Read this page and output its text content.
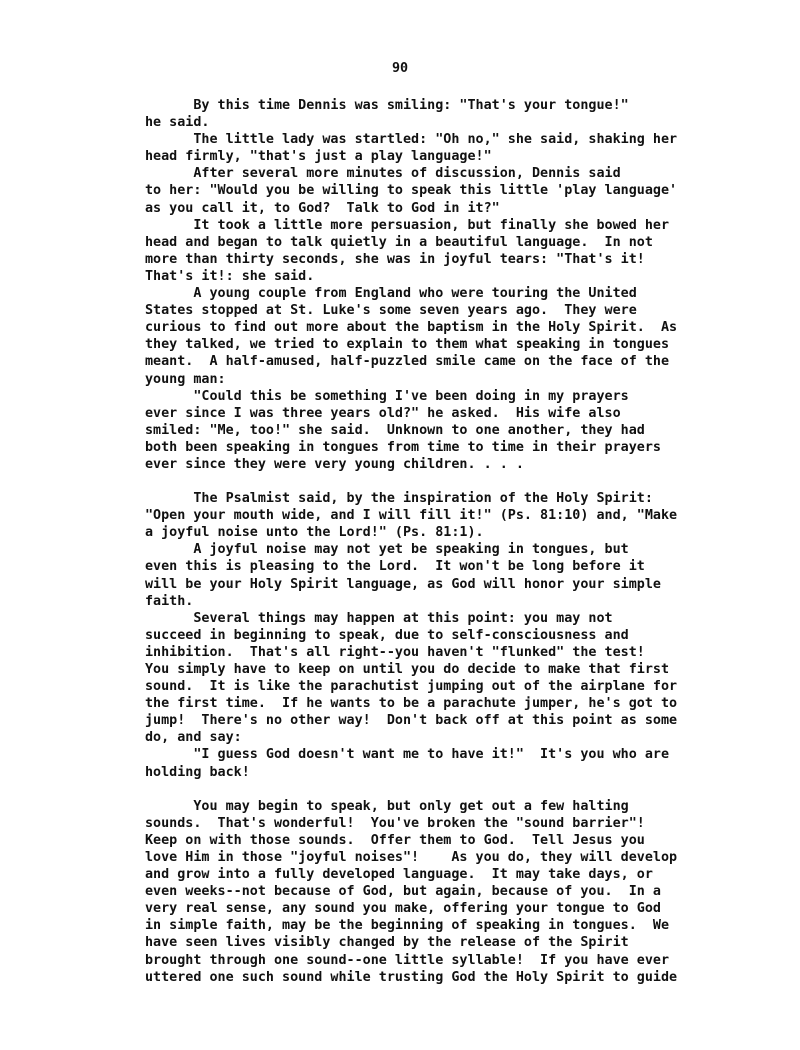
90
By this time Dennis was smiling: "That's your tongue!"
he said.
The little lady was startled: "Oh no," she said, shaking her
head firmly, "that's just a play language!"
After several more minutes of discussion, Dennis said
to her: "Would you be willing to speak this little 'play language'
as you call it, to God?  Talk to God in it?"
It took a little more persuasion, but finally she bowed her
head and began to talk quietly in a beautiful language.  In not
more than thirty seconds, she was in joyful tears: "That's it!
That's it!: she said.
A young couple from England who were touring the United
States stopped at St. Luke's some seven years ago.  They were
curious to find out more about the baptism in the Holy Spirit.  As
they talked, we tried to explain to them what speaking in tongues
meant.  A half-amused, half-puzzled smile came on the face of the
young man:
"Could this be something I've been doing in my prayers
ever since I was three years old?" he asked.  His wife also
smiled: "Me, too!" she said.  Unknown to one another, they had
both been speaking in tongues from time to time in their prayers
ever since they were very young children. . . .
The Psalmist said, by the inspiration of the Holy Spirit:
"Open your mouth wide, and I will fill it!" (Ps. 81:10) and, "Make
a joyful noise unto the Lord!" (Ps. 81:1).
A joyful noise may not yet be speaking in tongues, but
even this is pleasing to the Lord.  It won't be long before it
will be your Holy Spirit language, as God will honor your simple
faith.
Several things may happen at this point: you may not
succeed in beginning to speak, due to self-consciousness and
inhibition.  That's all right--you haven't "flunked" the test!
You simply have to keep on until you do decide to make that first
sound.  It is like the parachutist jumping out of the airplane for
the first time.  If he wants to be a parachute jumper, he's got to
jump!  There's no other way!  Don't back off at this point as some
do, and say:
"I guess God doesn't want me to have it!"  It's you who are
holding back!
You may begin to speak, but only get out a few halting
sounds.  That's wonderful!  You've broken the "sound barrier"!
Keep on with those sounds.  Offer them to God.  Tell Jesus you
love Him in those "joyful noises"!    As you do, they will develop
and grow into a fully developed language.  It may take days, or
even weeks--not because of God, but again, because of you.  In a
very real sense, any sound you make, offering your tongue to God
in simple faith, may be the beginning of speaking in tongues.  We
have seen lives visibly changed by the release of the Spirit
brought through one sound--one little syllable!  If you have ever
uttered one such sound while trusting God the Holy Spirit to guide
